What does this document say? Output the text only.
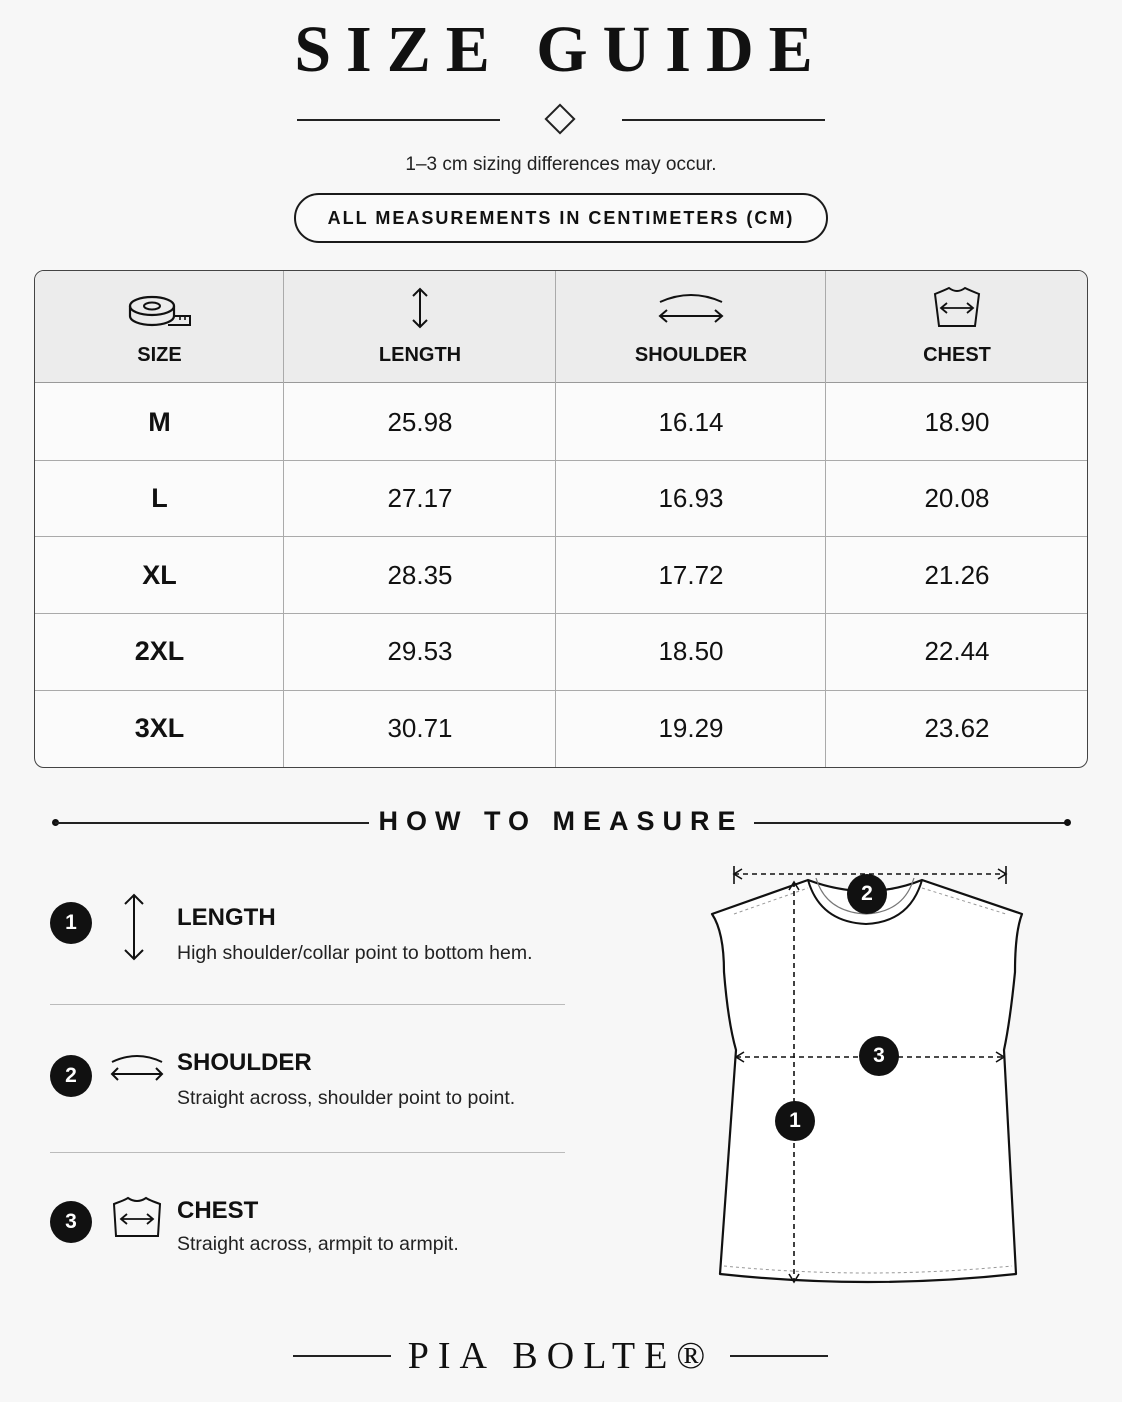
SIZE GUIDE
1–3 cm sizing differences may occur.
ALL MEASUREMENTS IN CENTIMETERS (CM)
SIZE	LENGTH	SHOULDER	CHEST
M	25.98	16.14	18.90
L	27.17	16.93	20.08
XL	28.35	17.72	21.26
2XL	29.53	18.50	22.44
3XL	30.71	19.29	23.62
HOW TO MEASURE
1	LENGTH
High shoulder/collar point to bottom hem.
2	SHOULDER
Straight across, shoulder point to point.
3	CHEST
Straight across, armpit to armpit.
2
3
1
PIA BOLTE®
